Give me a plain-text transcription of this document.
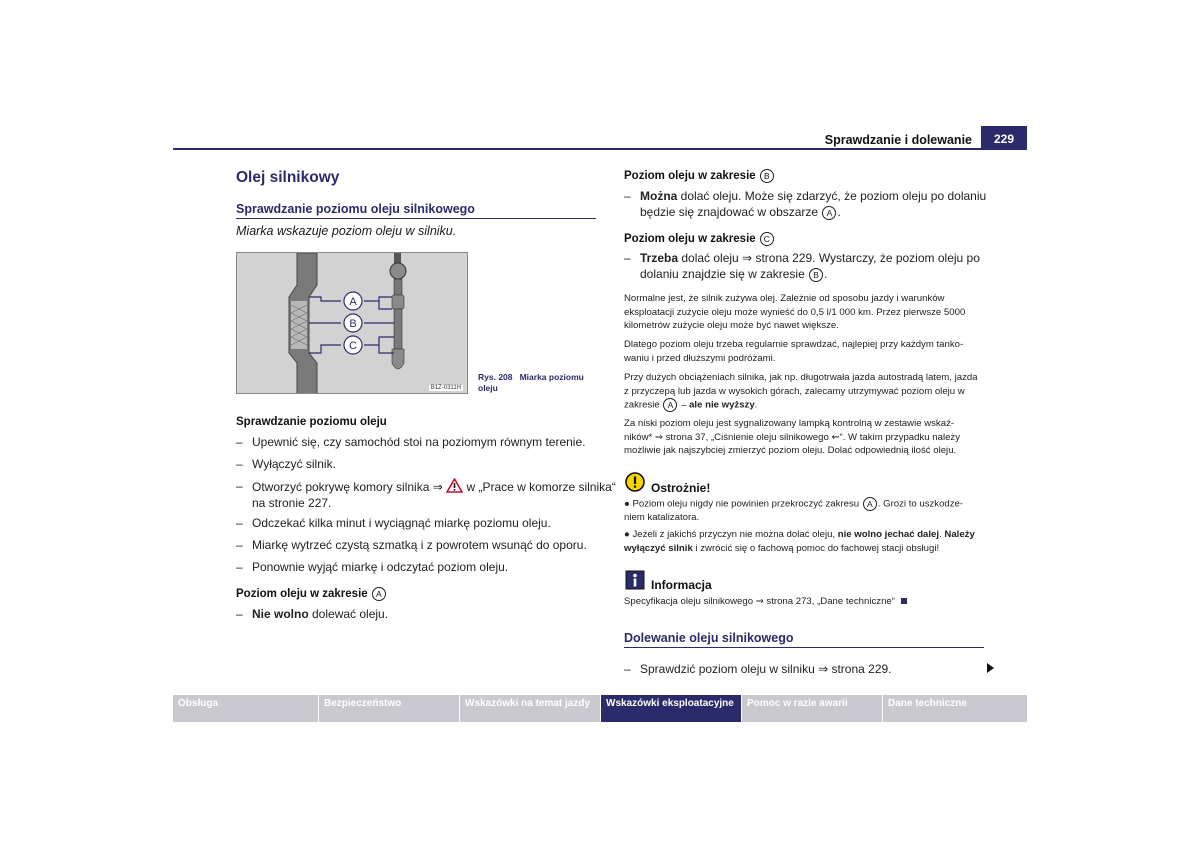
Sprawdzanie i dolewanie	229
Olej silnikowy
Sprawdzanie poziomu oleju silnikowego
Miarka wskazuje poziom oleju w silniku.
A
B
C
B1Z-0311H
Rys. 208 Miarka poziomu oleju
Sprawdzanie poziomu oleju
– Upewnić się, czy samochód stoi na poziomym równym terenie.
– Wyłączyć silnik.
– Otworzyć pokrywę komory silnika ⇒  w „Prace w komorze silnika“
na stronie 227.
– Odczekać kilka minut i wyciągnąć miarkę poziomu oleju.
– Miarkę wytrzeć czystą szmatką i z powrotem wsunąć do oporu.
– Ponownie wyjąć miarkę i odczytać poziom oleju.
Poziom oleju w zakresie A
– Nie wolno dolewać oleju.
Poziom oleju w zakresie B
– Można dolać oleju. Może się zdarzyć, że poziom oleju po dolaniu
będzie się znajdować w obszarze A .
Poziom oleju w zakresie C
– Trzeba dolać oleju ⇒ strona 229. Wystarczy, że poziom oleju po
dolaniu znajdzie się w zakresie B .
Normalne jest, że silnik zużywa olej. Zależnie od sposobu jazdy i warunków
eksploatacji zużycie oleju może wynieść do 0,5 l/1 000 km. Przez pierwsze 5000
kilometrów zużycie oleju może być nawet większe.
Dlatego poziom oleju trzeba regularnie sprawdzać, najlepiej przy każdym tanko-
waniu i przed dłuższymi podróżami.
Przy dużych obciążeniach silnika, jak np. długotrwała jazda autostradą latem, jazda
z przyczepą lub jazda w wysokich górach, zalecamy utrzymywać poziom oleju w
zakresie A – ale nie wyższy.
Za niski poziom oleju jest sygnalizowany lampką kontrolną w zestawie wskaź-
ników* ⇒ strona 37, „Ciśnienie oleju silnikowego ⇜“. W takim przypadku należy
możliwie jak najszybciej zmierzyć poziom oleju. Dolać odpowiednią ilość oleju.
Ostrożnie!
● Poziom oleju nigdy nie powinien przekroczyć zakresu A . Grozi to uszkodze-
niem katalizatora.
● Jeżeli z jakichś przyczyn nie można dolać oleju, nie wolno jechać dalej. Należy
wyłączyć silnik i zwrócić się o fachową pomoc do fachowej stacji obsługi!
Informacja
Specyfikacja oleju silnikowego ⇒ strona 273, „Dane techniczne“
Dolewanie oleju silnikowego
– Sprawdzić poziom oleju w silniku ⇒ strona 229.
Obsługa	Bezpieczeństwo	Wskazówki na temat jazdy	Wskazówki eksploatacyjne	Pomoc w razie awarii	Dane techniczne
